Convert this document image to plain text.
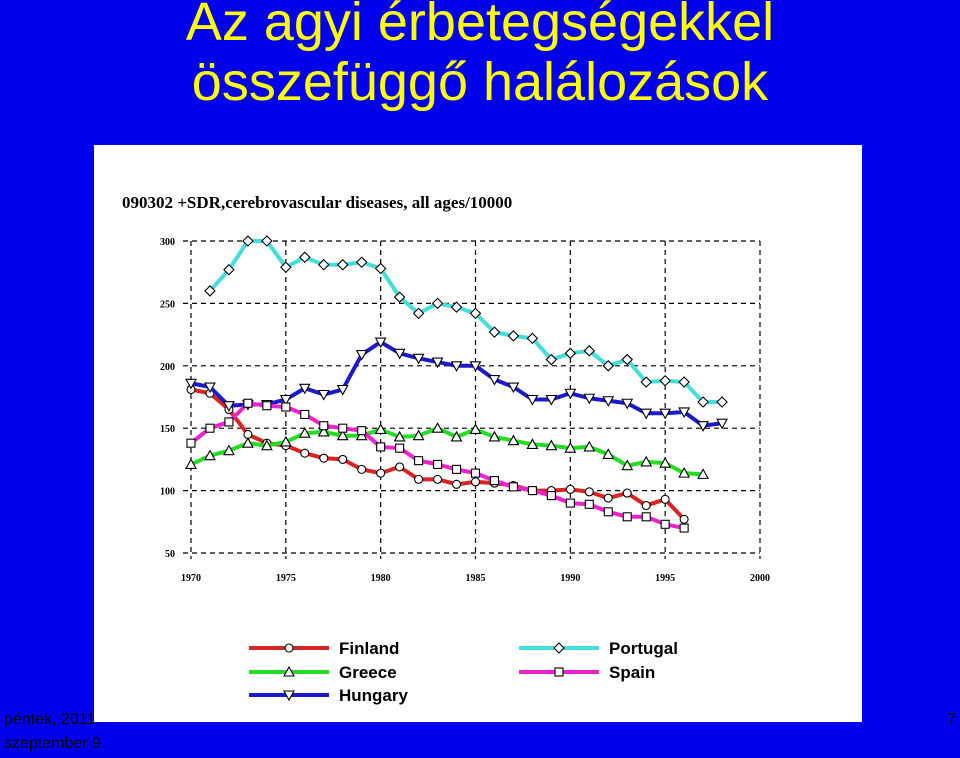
Az agyi érbetegségekkel
összefüggő halálozások
090302 +SDR,cerebrovascular diseases, all ages/10000
1970	1975	1980	1985	1990	1995	2000
50
100
150
200
250
300
Finland
Greece
Hungary
Portugal
Spain
péntek, 2011.
szeptember 9.
7
